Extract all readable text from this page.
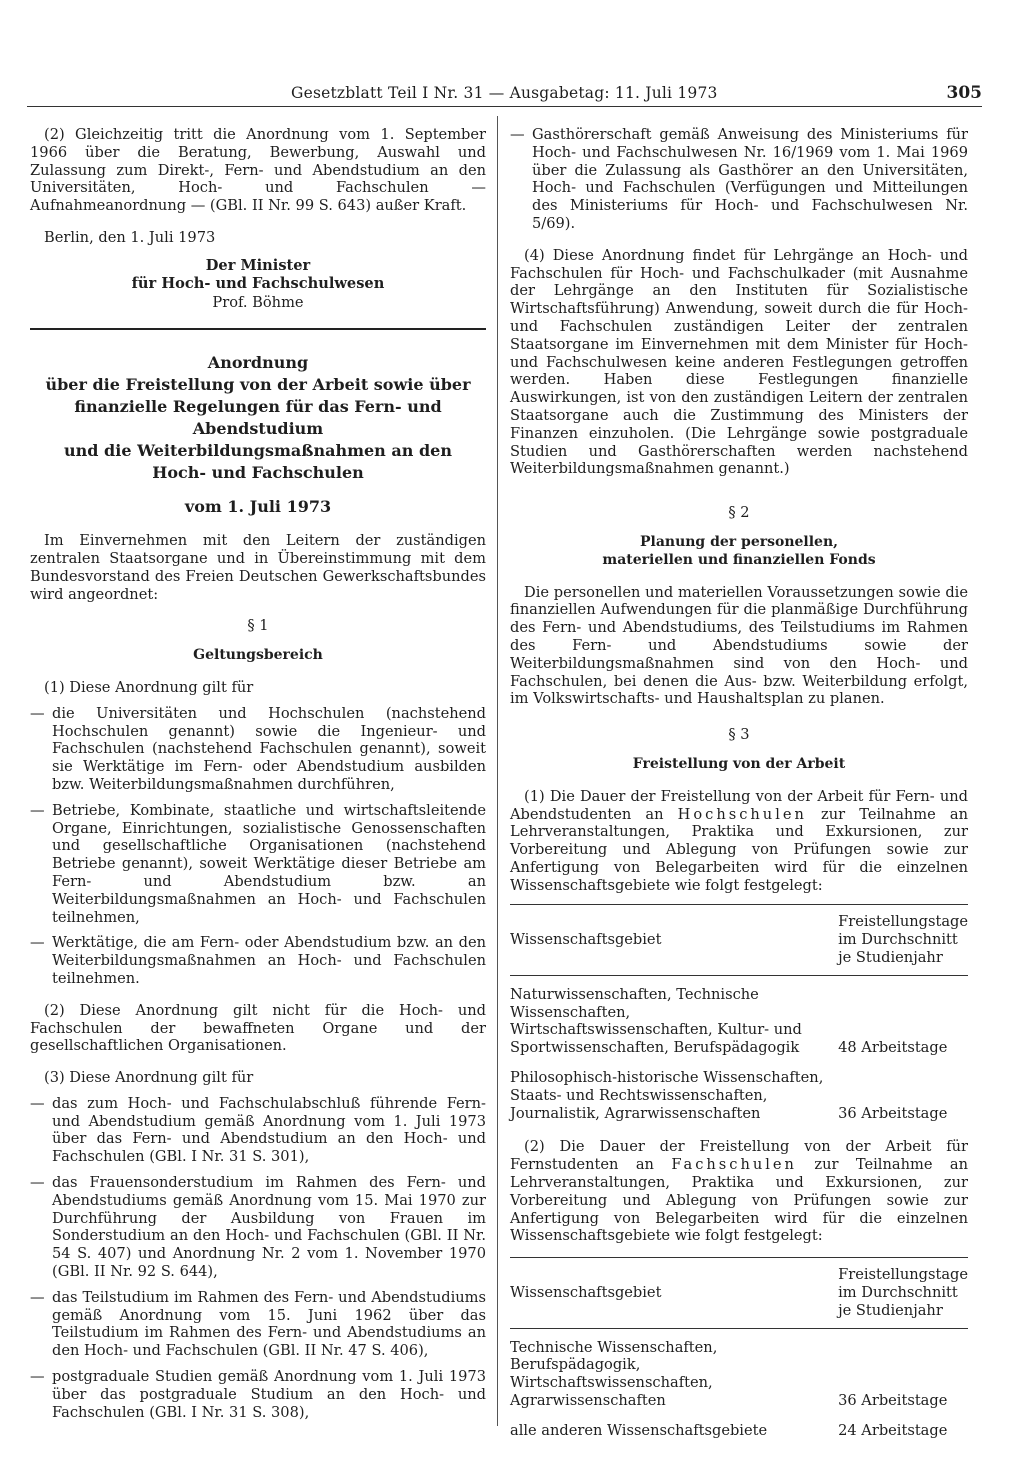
Gesetzblatt Teil I Nr. 31 — Ausgabetag: 11. Juli 1973	305

(2) Gleichzeitig tritt die Anordnung vom 1. September 1966 über die Beratung, Bewerbung, Auswahl und Zulassung zum Direkt-, Fern- und Abendstudium an den Universitäten, Hoch- und Fachschulen — Aufnahmeanordnung — (GBl. II Nr. 99 S. 643) außer Kraft.

Berlin, den 1. Juli 1973

Der Minister

für Hoch- und Fachschulwesen

Prof. Böhme

Anordnung

über die Freistellung von der Arbeit sowie über

finanzielle Regelungen für das Fern- und Abendstudium

und die Weiterbildungsmaßnahmen an den

Hoch- und Fachschulen

vom 1. Juli 1973

Im Einvernehmen mit den Leitern der zuständigen zentralen Staatsorgane und in Übereinstimmung mit dem Bundesvorstand des Freien Deutschen Gewerkschaftsbundes wird angeordnet:

§ 1

Geltungsbereich

(1) Diese Anordnung gilt für

— die Universitäten und Hochschulen (nachstehend Hochschulen genannt) sowie die Ingenieur- und Fachschulen (nachstehend Fachschulen genannt), soweit sie Werktätige im Fern- oder Abendstudium ausbilden bzw. Weiterbildungsmaßnahmen durchführen,
— Betriebe, Kombinate, staatliche und wirtschaftsleitende Organe, Einrichtungen, sozialistische Genossenschaften und gesellschaftliche Organisationen (nachstehend Betriebe genannt), soweit Werktätige dieser Betriebe am Fern- und Abendstudium bzw. an Weiterbildungsmaßnahmen an Hoch- und Fachschulen teilnehmen,
— Werktätige, die am Fern- oder Abendstudium bzw. an den Weiterbildungsmaßnahmen an Hoch- und Fachschulen teilnehmen.

(2) Diese Anordnung gilt nicht für die Hoch- und Fachschulen der bewaffneten Organe und der gesellschaftlichen Organisationen.

(3) Diese Anordnung gilt für

— das zum Hoch- und Fachschulabschluß führende Fern- und Abendstudium gemäß Anordnung vom 1. Juli 1973 über das Fern- und Abendstudium an den Hoch- und Fachschulen (GBl. I Nr. 31 S. 301),
— das Frauensonderstudium im Rahmen des Fern- und Abendstudiums gemäß Anordnung vom 15. Mai 1970 zur Durchführung der Ausbildung von Frauen im Sonderstudium an den Hoch- und Fachschulen (GBl. II Nr. 54 S. 407) und Anordnung Nr. 2 vom 1. November 1970 (GBl. II Nr. 92 S. 644),
— das Teilstudium im Rahmen des Fern- und Abendstudiums gemäß Anordnung vom 15. Juni 1962 über das Teilstudium im Rahmen des Fern- und Abendstudiums an den Hoch- und Fachschulen (GBl. II Nr. 47 S. 406),
— postgraduale Studien gemäß Anordnung vom 1. Juli 1973 über das postgraduale Studium an den Hoch- und Fachschulen (GBl. I Nr. 31 S. 308),
— Gasthörerschaft gemäß Anweisung des Ministeriums für Hoch- und Fachschulwesen Nr. 16/1969 vom 1. Mai 1969 über die Zulassung als Gasthörer an den Universitäten, Hoch- und Fachschulen (Verfügungen und Mitteilungen des Ministeriums für Hoch- und Fachschulwesen Nr. 5/69).

(4) Diese Anordnung findet für Lehrgänge an Hoch- und Fachschulen für Hoch- und Fachschulkader (mit Ausnahme der Lehrgänge an den Instituten für Sozialistische Wirtschaftsführung) Anwendung, soweit durch die für Hoch- und Fachschulen zuständigen Leiter der zentralen Staatsorgane im Einvernehmen mit dem Minister für Hoch- und Fachschulwesen keine anderen Festlegungen getroffen werden. Haben diese Festlegungen finanzielle Auswirkungen, ist von den zuständigen Leitern der zentralen Staatsorgane auch die Zustimmung des Ministers der Finanzen einzuholen. (Die Lehrgänge sowie postgraduale Studien und Gasthörerschaften werden nachstehend Weiterbildungsmaßnahmen genannt.)

§ 2

Planung der personellen,

materiellen und finanziellen Fonds

Die personellen und materiellen Voraussetzungen sowie die finanziellen Aufwendungen für die planmäßige Durchführung des Fern- und Abendstudiums, des Teilstudiums im Rahmen des Fern- und Abendstudiums sowie der Weiterbildungsmaßnahmen sind von den Hoch- und Fachschulen, bei denen die Aus- bzw. Weiterbildung erfolgt, im Volkswirtschafts- und Haushaltsplan zu planen.

§ 3

Freistellung von der Arbeit

(1) Die Dauer der Freistellung von der Arbeit für Fern- und Abendstudenten an Hochschulen zur Teilnahme an Lehrveranstaltungen, Praktika und Exkursionen, zur Vorbereitung und Ablegung von Prüfungen sowie zur Anfertigung von Belegarbeiten wird für die einzelnen Wissenschaftsgebiete wie folgt festgelegt:

Wissenschaftsgebiet	Freistellungstage im Durchschnitt je Studienjahr
Naturwissenschaften, Technische Wissenschaften, Wirtschaftswissenschaften, Kultur- und Sportwissenschaften, Berufspädagogik	48 Arbeitstage
Philosophisch-historische Wissenschaften, Staats- und Rechtswissenschaften, Journalistik, Agrarwissenschaften	36 Arbeitstage

(2) Die Dauer der Freistellung von der Arbeit für Fernstudenten an Fachschulen zur Teilnahme an Lehrveranstaltungen, Praktika und Exkursionen, zur Vorbereitung und Ablegung von Prüfungen sowie zur Anfertigung von Belegarbeiten wird für die einzelnen Wissenschaftsgebiete wie folgt festgelegt:

Wissenschaftsgebiet	Freistellungstage im Durchschnitt je Studienjahr
Technische Wissenschaften, Berufspädagogik, Wirtschaftswissenschaften, Agrarwissenschaften	36 Arbeitstage
alle anderen Wissenschaftsgebiete	24 Arbeitstage
